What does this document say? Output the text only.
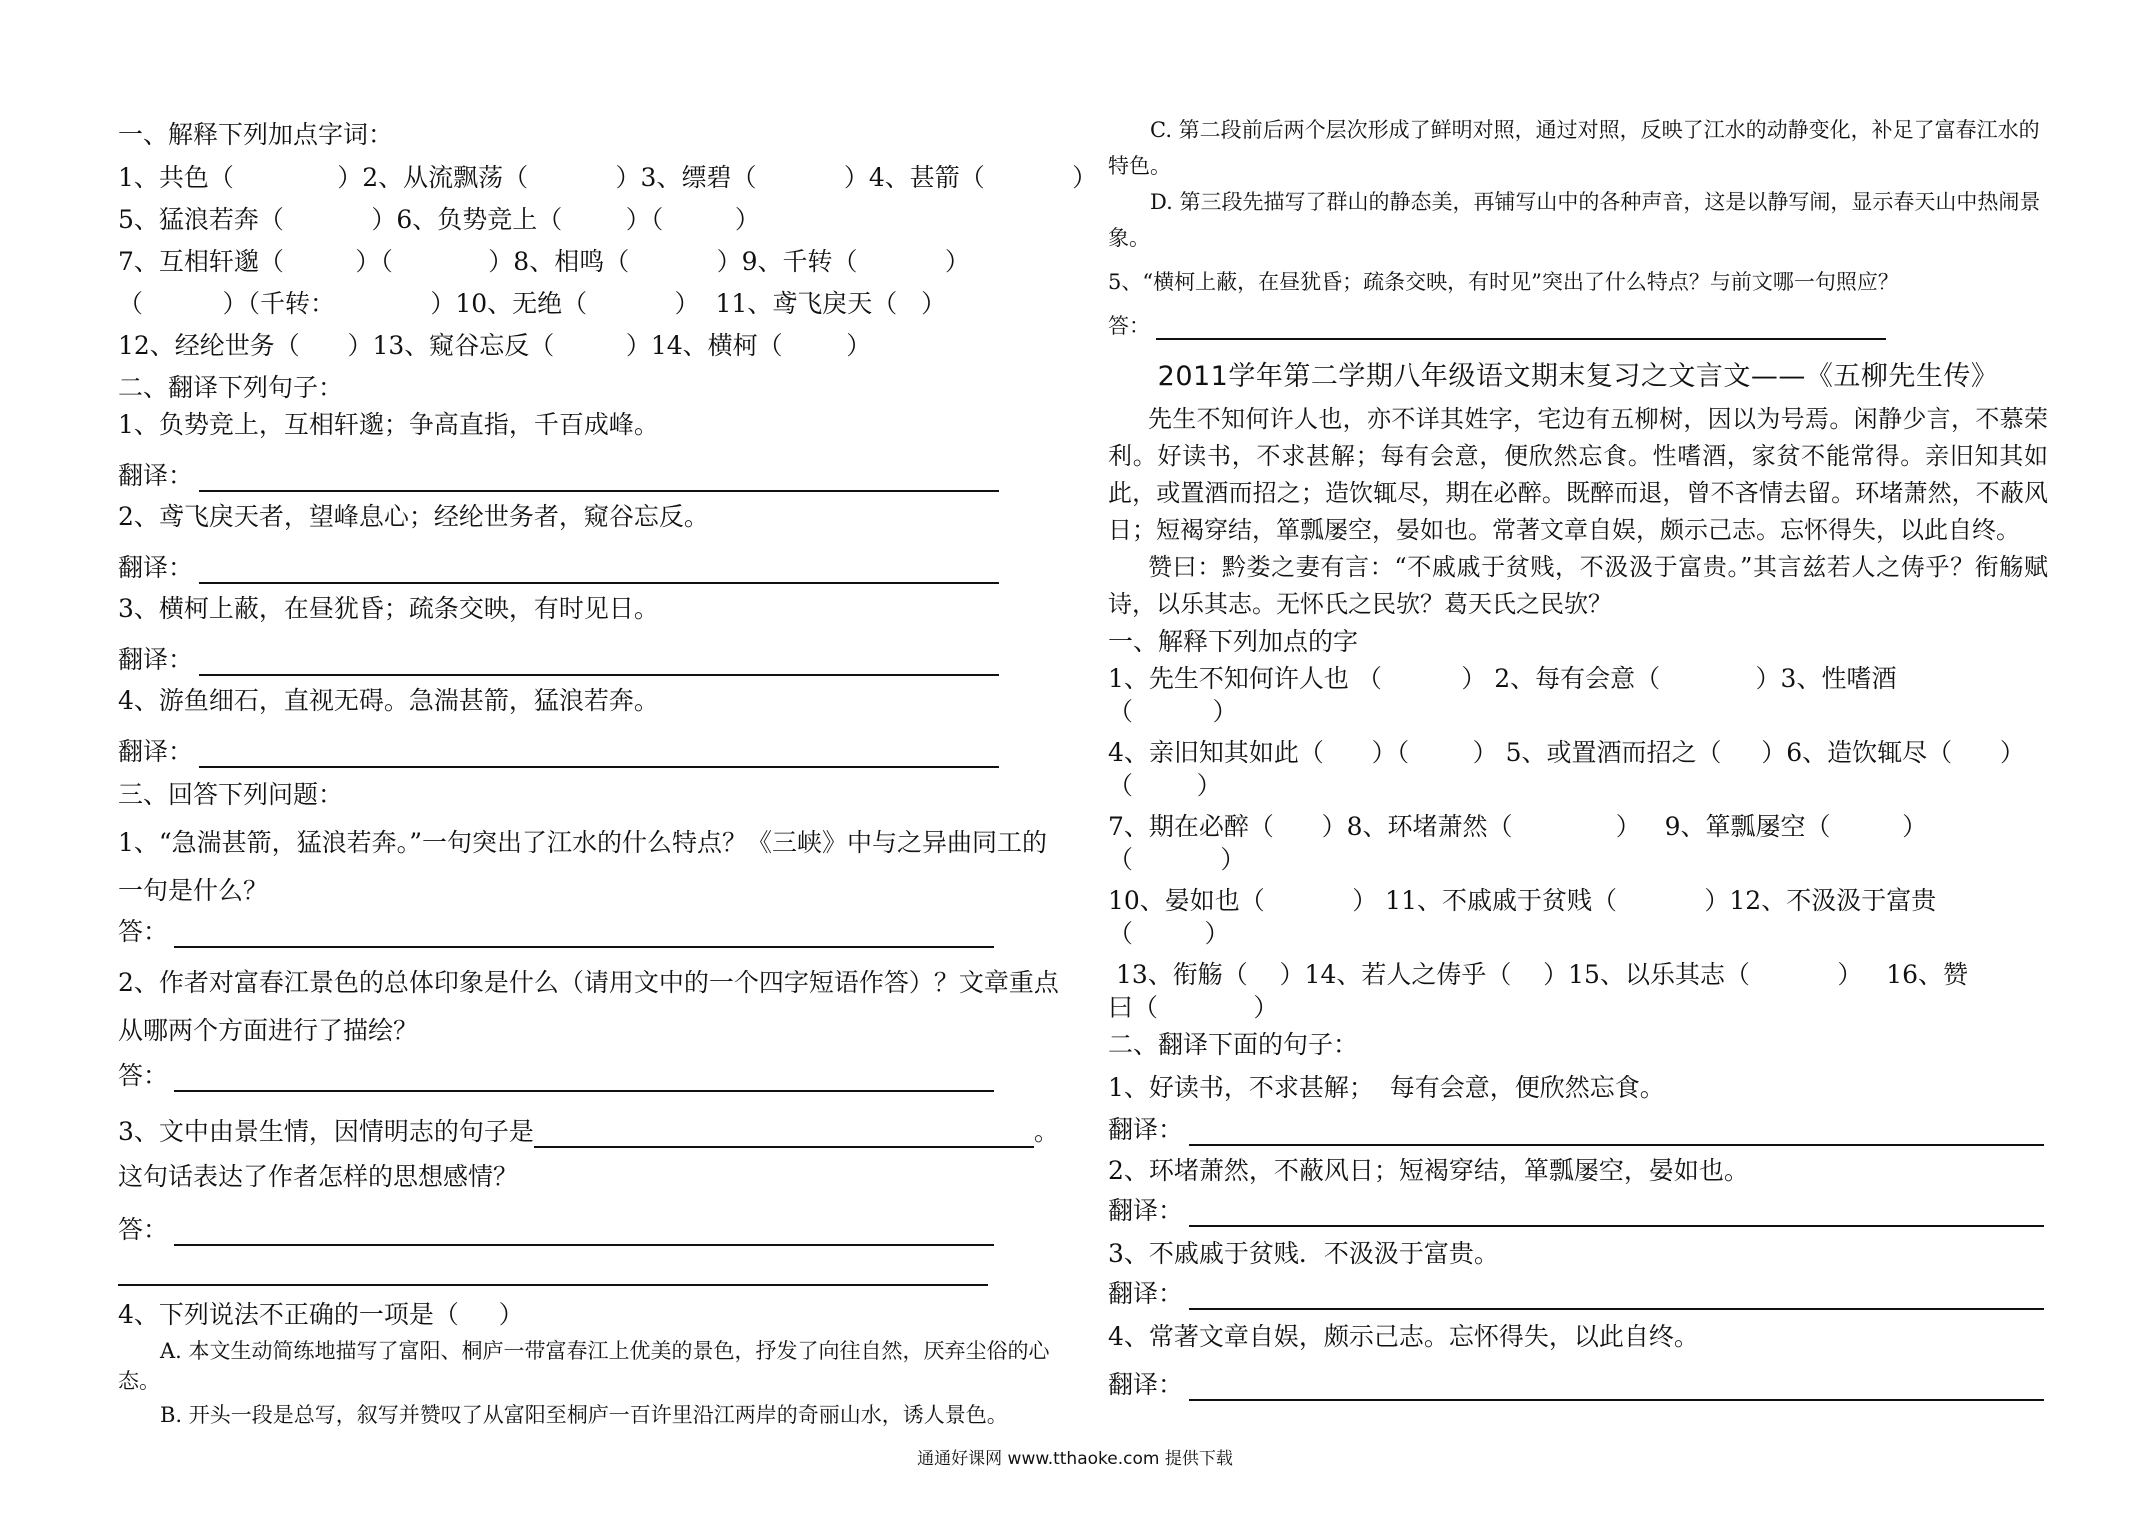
一、解释下列加点字词：

1、共色（             ）2、从流飘荡（           ）3、缥碧（           ）4、甚箭（           ）

5、猛浪若奔（           ）6、负势竞上（        ）（         ）

7、互相轩邈（         ）（            ）8、相鸣（           ）9、千转（           ）

（          ）（千转：            ）10、无绝（           ）  11、鸢飞戾天（   ）

12、经纶世务（      ）13、窥谷忘反（         ）14、横柯（        ）

二、翻译下列句子：

1、负势竞上，互相轩邈；争高直指，千百成峰。

翻译：

2、鸢飞戾天者，望峰息心；经纶世务者，窥谷忘反。

翻译：

3、横柯上蔽，在昼犹昏；疏条交映，有时见日。

翻译：

4、游鱼细石，直视无碍。急湍甚箭，猛浪若奔。

翻译：

三、回答下列问题：

1、“急湍甚箭，猛浪若奔。”一句突出了江水的什么特点？《三峡》中与之异曲同工的

一句是什么？

答：

2、作者对富春江景色的总体印象是什么（请用文中的一个四字短语作答）？文章重点

从哪两个方面进行了描绘？

答：
3、文中由景生情，因情明志的句子是	。

这句话表达了作者怎样的思想感情？

答：

4、下列说法不正确的一项是（     ）

A. 本文生动简练地描写了富阳、桐庐一带富春江上优美的景色，抒发了向往自然，厌弃尘俗的心态。

B. 开头一段是总写，叙写并赞叹了从富阳至桐庐一百许里沿江两岸的奇丽山水，诱人景色。

C. 第二段前后两个层次形成了鲜明对照，通过对照，反映了江水的动静变化，补足了富春江水的特色。

D. 第三段先描写了群山的静态美，再铺写山中的各种声音，这是以静写闹，显示春天山中热闹景象。

5、“横柯上蔽，在昼犹昏；疏条交映，有时见”突出了什么特点？与前文哪一句照应？

答：

2011学年第二学期八年级语文期末复习之文言文——《五柳先生传》

先生不知何许人也，亦不详其姓字，宅边有五柳树，因以为号焉。闲静少言，不慕荣利。好读书，不求甚解；每有会意，便欣然忘食。性嗜酒，家贫不能常得。亲旧知其如此，或置酒而招之；造饮辄尽，期在必醉。既醉而退，曾不吝情去留。环堵萧然，不蔽风日；短褐穿结，箪瓢屡空，晏如也。常著文章自娱，颇示己志。忘怀得失，以此自终。

赞曰：黔娄之妻有言：“不戚戚于贫贱，不汲汲于富贵。”其言兹若人之俦乎？衔觞赋诗，以乐其志。无怀氏之民欤？葛天氏之民欤？

一、解释下列加点的字

1、先生不知何许人也 （          ） 2、每有会意（            ）3、性嗜酒

（          ）

4、亲旧知其如此（      ）（        ） 5、或置酒而招之（     ）6、造饮辄尽（      ）

（        ）

7、期在必醉（      ）8、环堵萧然（             ）   9、箪瓢屡空（         ）

（           ）

10、晏如也（           ） 11、不戚戚于贫贱（           ）12、不汲汲于富贵

（         ）

13、衔觞（    ）14、若人之俦乎（    ）15、以乐其志（           ）   16、赞

曰（            ）

二、翻译下面的句子：

1、好读书，不求甚解；  每有会意，便欣然忘食。

翻译：

2、环堵萧然，不蔽风日；短褐穿结，箪瓢屡空，晏如也。

翻译：

3、不戚戚于贫贱．不汲汲于富贵。

翻译：

4、常著文章自娱，颇示己志。忘怀得失，以此自终。

翻译：
通通好课网 www.tthaoke.com 提供下载
